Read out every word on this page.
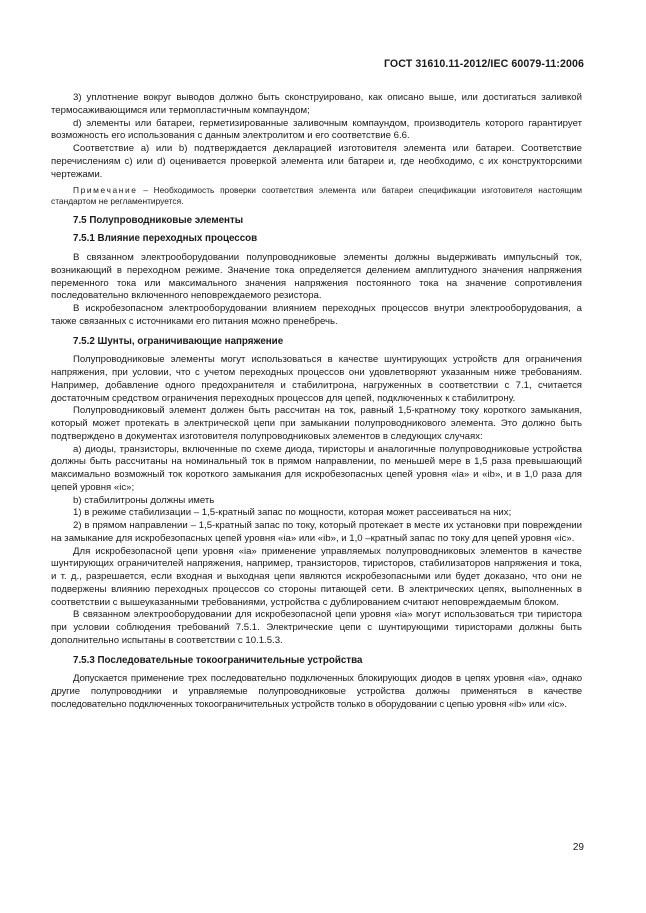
ГОСТ 31610.11-2012/IEC 60079-11:2006

3) уплотнение вокруг выводов должно быть сконструировано, как описано выше, или достигаться заливкой термосаживающимся или термопластичным компаундом;

d) элементы или батареи, герметизированные заливочным компаундом, производитель которого гарантирует возможность его использования с данным электролитом и его соответствие 6.6.

Соответствие а) или b) подтверждается декларацией изготовителя элемента или батареи. Соответствие перечислениям с) или d) оценивается проверкой элемента или батареи и, где необходимо, с их конструкторскими чертежами.

Примечание – Необходимость проверки соответствия элемента или батареи спецификации изготовителя настоящим стандартом не регламентируется.

7.5 Полупроводниковые элементы
7.5.1 Влияние переходных процессов

В связанном электрооборудовании полупроводниковые элементы должны выдерживать импульсный ток, возникающий в переходном режиме. Значение тока определяется делением амплитудного значения напряжения переменного тока или максимального значения напряжения постоянного тока на значение сопротивления последовательно включенного неповреждаемого резистора.

В искробезопасном электрооборудовании влиянием переходных процессов внутри электрооборудования, а также связанных с источниками его питания можно пренебречь.

7.5.2 Шунты, ограничивающие напряжение

Полупроводниковые элементы могут использоваться в качестве шунтирующих устройств для ограничения напряжения, при условии, что с учетом переходных процессов они удовлетворяют указанным ниже требованиям. Например, добавление одного предохранителя и стабилитрона, нагруженных в соответствии с 7.1, считается достаточным средством ограничения переходных процессов для цепей, подключенных к стабилитрону.

Полупроводниковый элемент должен быть рассчитан на ток, равный 1,5-кратному току короткого замыкания, который может протекать в электрической цепи при замыкании полупроводникового элемента. Это должно быть подтверждено в документах изготовителя полупроводниковых элементов в следующих случаях:

а) диоды, транзисторы, включенные по схеме диода, тиристоры и аналогичные полупроводниковые устройства должны быть рассчитаны на номинальный ток в прямом направлении, по меньшей мере в 1,5 раза превышающий максимально возможный ток короткого замыкания для искробезопасных цепей уровня «ia» и «ib», и в 1,0 раза для цепей уровня «ic»;

b) стабилитроны должны иметь

1) в режиме стабилизации – 1,5-кратный запас по мощности, которая может рассеиваться на них;

2) в прямом направлении – 1,5-кратный запас по току, который протекает в месте их установки при повреждении на замыкание для искробезопасных цепей уровня «ia» или «ib», и 1,0 –кратный запас по току для цепей уровня «ic».

Для искробезопасной цепи уровня «ia» применение управляемых полупроводниковых элементов в качестве шунтирующих ограничителей напряжения, например, транзисторов, тиристоров, стабилизаторов напряжения и тока, и т. д., разрешается, если входная и выходная цепи являются искробезопасными или будет доказано, что они не подвержены влиянию переходных процессов со стороны питающей сети. В электрических цепях, выполненных в соответствии с вышеуказанными требованиями, устройства с дублированием считают неповреждаемым блоком.

В связанном электрооборудовании для искробезопасной цепи уровня «ia» могут использоваться три тиристора при условии соблюдения требований 7.5.1. Электрические цепи с шунтирующими тиристорами должны быть дополнительно испытаны в соответствии с 10.1.5.3.

7.5.3 Последовательные токоограничительные устройства

Допускается применение трех последовательно подключенных блокирующих диодов в цепях уровня «ia», однако другие полупроводники и управляемые полупроводниковые устройства должны применяться в качестве последовательно подключенных токоограничительных устройств только в оборудовании с цепью уровня «ib» или «ic».

29
